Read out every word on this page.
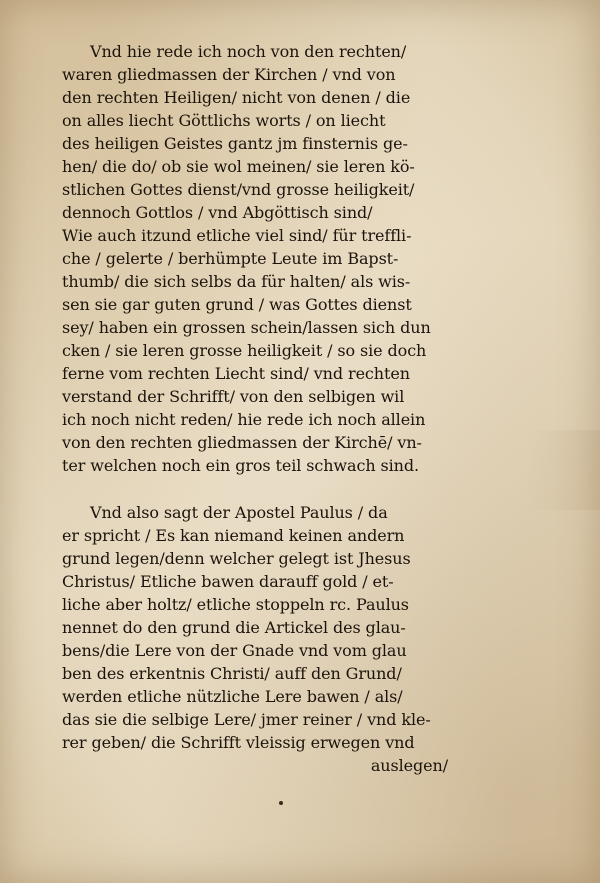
Vnd hie rede ich noch von den rechten/
waren gliedmassen der Kirchen / vnd von
den rechten Heiligen/ nicht von denen / die
on alles liecht Göttlichs worts / on liecht
des heiligen Geistes gantz jm finsternis ge-
hen/ die do/ ob sie wol meinen/ sie leren kö-
stlichen Gottes dienst/vnd grosse heiligkeit/
dennoch Gottlos / vnd Abgöttisch sind/
Wie auch itzund etliche viel sind/ für treffli-
che / gelerte / berhümpte Leute im Bapst-
thumb/ die sich selbs da für halten/ als wis-
sen sie gar guten grund / was Gottes dienst
sey/ haben ein grossen schein/lassen sich dun
cken / sie leren grosse heiligkeit / so sie doch
ferne vom rechten Liecht sind/ vnd rechten
verstand der Schrifft/ von den selbigen wil
ich noch nicht reden/ hie rede ich noch allein
von den rechten gliedmassen der Kirchē/ vn-
ter welchen noch ein gros teil schwach sind.
Vnd also sagt der Apostel Paulus / da
er spricht / Es kan niemand keinen andern
grund legen/denn welcher gelegt ist Jhesus
Christus/ Etliche bawen darauff gold / et-
liche aber holtz/ etliche stoppeln rc. Paulus
nennet do den grund die Artickel des glau-
bens/die Lere von der Gnade vnd vom glau
ben des erkentnis Christi/ auff den Grund/
werden etliche nützliche Lere bawen / als/
das sie die selbige Lere/ jmer reiner / vnd kle-
rer geben/ die Schrifft vleissig erwegen vnd
auslegen/
